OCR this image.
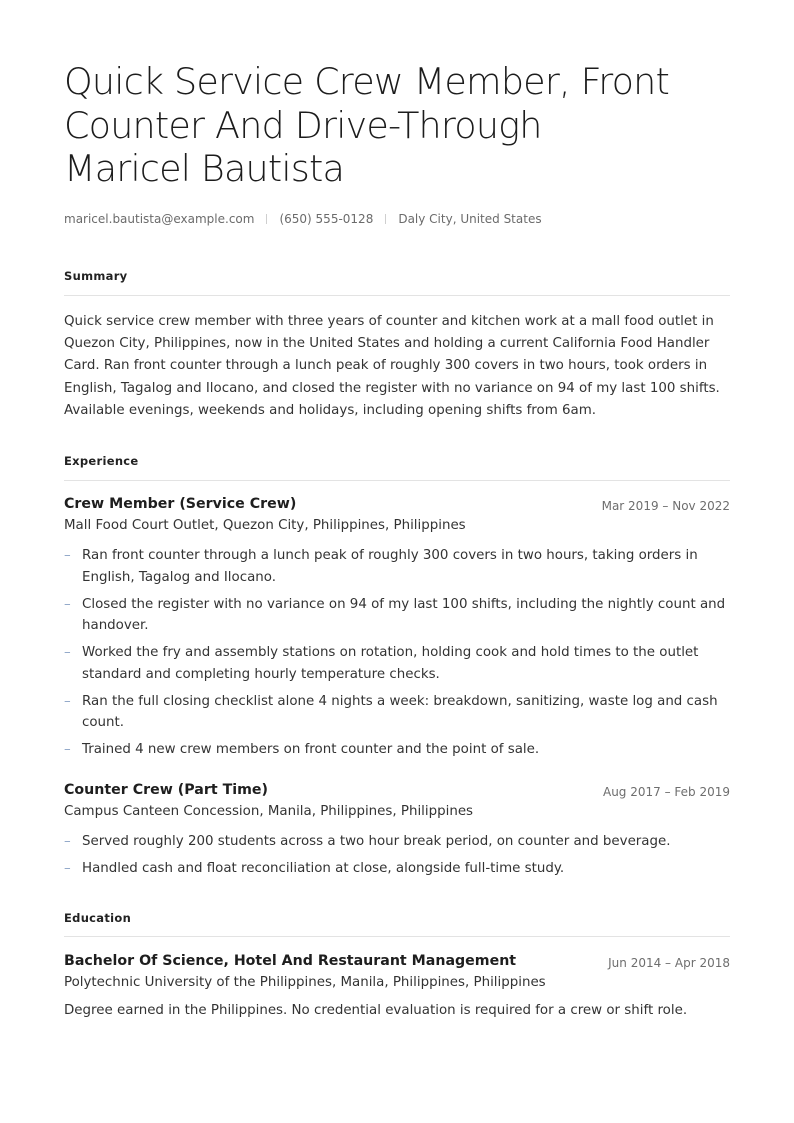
Quick Service Crew Member, Front
Counter And Drive-Through
Maricel Bautista
maricel.bautista@example.com (650) 555-0128 Daly City, United States
Summary

Quick service crew member with three years of counter and kitchen work at a mall food outlet in Quezon City, Philippines, now in the United States and holding a current California Food Handler Card. Ran front counter through a lunch peak of roughly 300 covers in two hours, took orders in English, Tagalog and Ilocano, and closed the register with no variance on 94 of my last 100 shifts. Available evenings, weekends and holidays, including opening shifts from 6am.

Experience
Crew Member (Service Crew)	Mar 2019 – Nov 2022
Mall Food Court Outlet, Quezon City, Philippines, Philippines
– Ran front counter through a lunch peak of roughly 300 covers in two hours, taking orders in English, Tagalog and Ilocano.
– Closed the register with no variance on 94 of my last 100 shifts, including the nightly count and handover.
– Worked the fry and assembly stations on rotation, holding cook and hold times to the outlet standard and completing hourly temperature checks.
– Ran the full closing checklist alone 4 nights a week: breakdown, sanitizing, waste log and cash count.
– Trained 4 new crew members on front counter and the point of sale.
Counter Crew (Part Time)	Aug 2017 – Feb 2019
Campus Canteen Concession, Manila, Philippines, Philippines
– Served roughly 200 students across a two hour break period, on counter and beverage.
– Handled cash and float reconciliation at close, alongside full-time study.
Education
Bachelor Of Science, Hotel And Restaurant Management	Jun 2014 – Apr 2018
Polytechnic University of the Philippines, Manila, Philippines, Philippines
Degree earned in the Philippines. No credential evaluation is required for a crew or shift role.
